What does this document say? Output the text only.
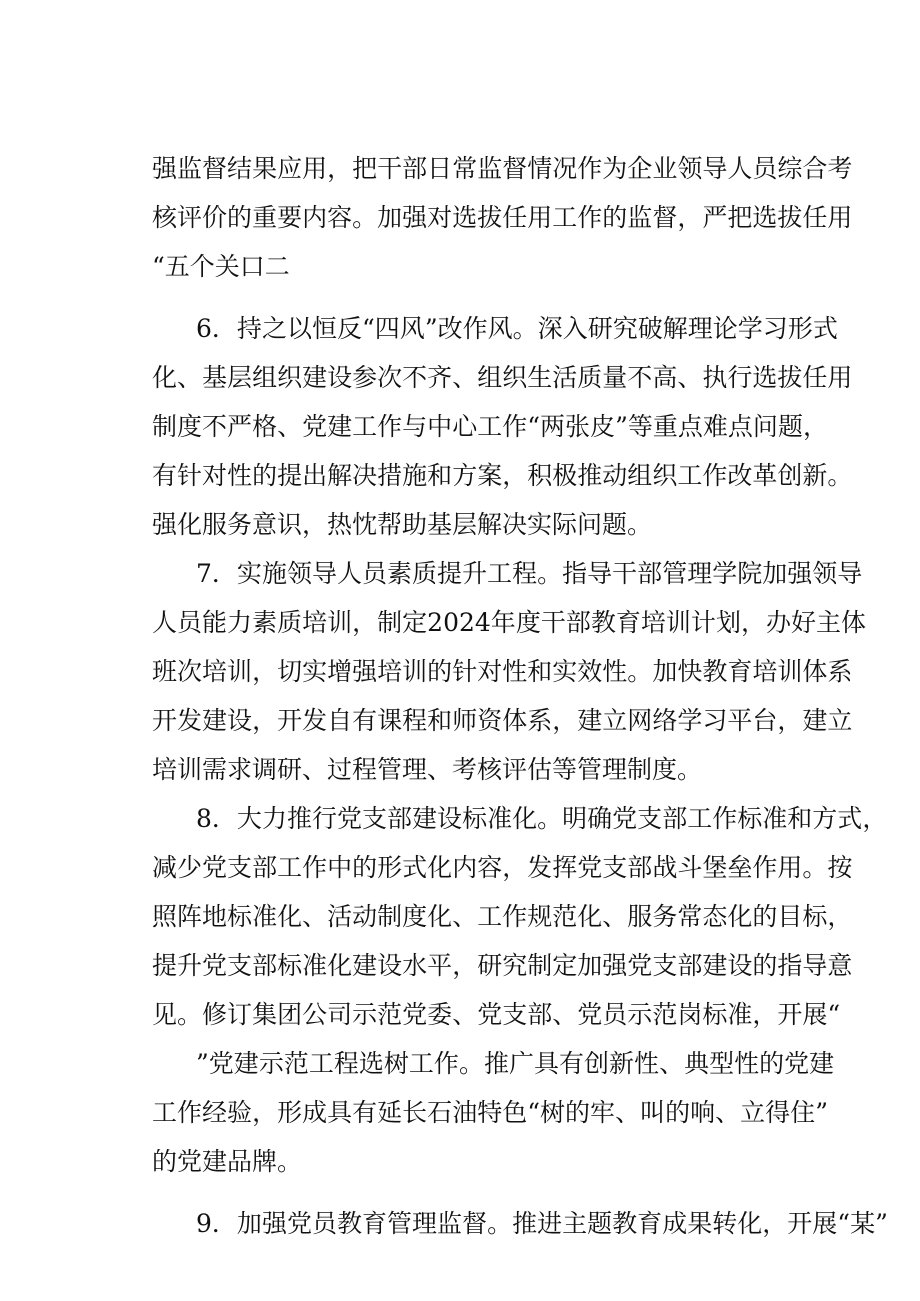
强 监 督 结 果 应 用 ， 把 干 部 日 常 监 督 情 况 作 为 企 业 领 导 人 员 综 合 考
核 评 价 的 重 要 内 容 。 加 强 对 选 拔 任 用 工 作 的 监 督 ， 严 把 选 拔 任 用
“五个关口二
6 ． 持 之 以 恒 反 “ 四 风 ” 改 作 风 。 深 入 研 究 破 解 理 论 学 习 形 式
化 、 基 层 组 织 建 设 参 次 不 齐 、 组 织 生 活 质 量 不 高 、 执 行 选 拔 任 用
制 度 不 严 格 、 党 建 工 作 与 中 心 工 作 “ 两 张 皮 ” 等 重 点 难 点 问 题 ，
有 针 对 性 的 提 出 解 决 措 施 和 方 案 ， 积 极 推 动 组 织 工 作 改 革 创 新 。
强化服务意识，热忱帮助基层解决实际问题。
7 ． 实 施 领 导 人 员 素 质 提 升 工 程 。 指 导 干 部 管 理 学 院 加 强 领 导
人 员 能 力 素 质 培 训 ， 制 定 2 0 2 4 年 度 干 部 教 育 培 训 计 划 ， 办 好 主 体
班 次 培 训 ， 切 实 增 强 培 训 的 针 对 性 和 实 效 性 。 加 快 教 育 培 训 体 系
开 发 建 设 ， 开 发 自 有 课 程 和 师 资 体 系 ， 建 立 网 络 学 习 平 台 ， 建 立
培训需求调研、过程管理、考核评估等管理制度。
8 ． 大 力 推 行 党 支 部 建 设 标 准 化 。 明 确 党 支 部 工 作 标 准 和 方 式 ，
减 少 党 支 部 工 作 中 的 形 式 化 内 容 ， 发 挥 党 支 部 战 斗 堡 垒 作 用 。 按
照 阵 地 标 准 化 、 活 动 制 度 化 、 工 作 规 范 化 、 服 务 常 态 化 的 目 标 ，
提 升 党 支 部 标 准 化 建 设 水 平 ， 研 究 制 定 加 强 党 支 部 建 设 的 指 导 意
见 。 修 订 集 团 公 司 示 范 党 委 、 党 支 部 、 党 员 示 范 岗 标 准 ， 开 展 “
” 党 建 示 范 工 程 选 树 工 作 。 推 广 具 有 创 新 性 、 典 型 性 的 党 建
工 作 经 验 ， 形 成 具 有 延 长 石 油 特 色 “ 树 的 牢 、 叫 的 响 、 立 得 住 ”
的党建品牌。
9 ． 加 强 党 员 教 育 管 理 监 督 。 推 进 主 题 教 育 成 果 转 化 ， 开 展 “ 某 ”
